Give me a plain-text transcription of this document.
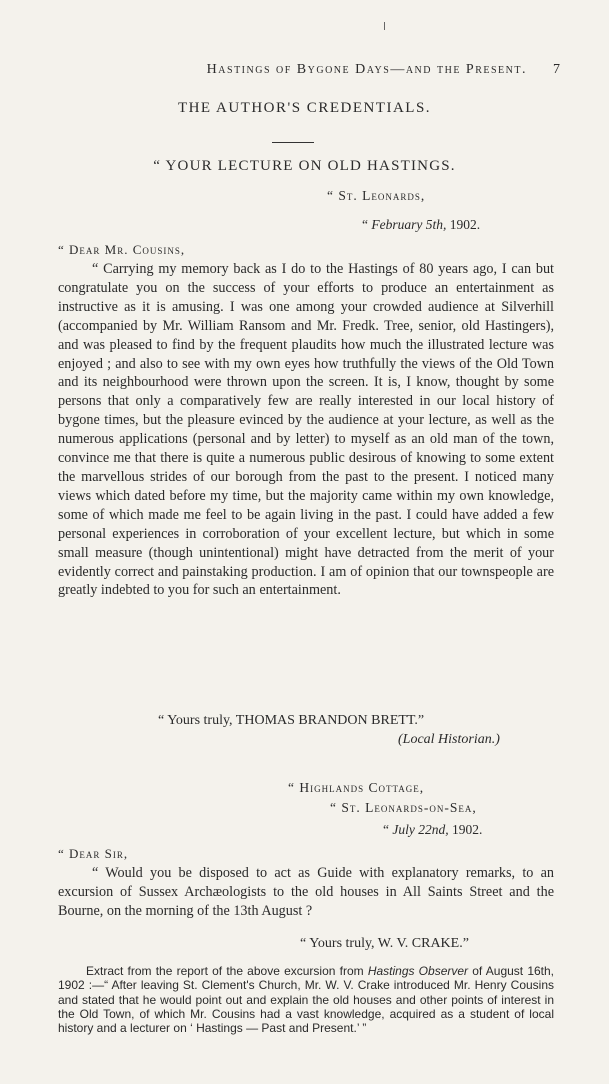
Hastings of Bygone Days—and the Present. 7
THE AUTHOR'S CREDENTIALS.
“ YOUR LECTURE ON OLD HASTINGS.
“ St. Leonards,
“ February 5th, 1902.
“ Dear Mr. Cousins,

“ Carrying my memory back as I do to the Hastings of 80 years ago, I can but congratulate you on the success of your efforts to produce an entertainment as instructive as it is amusing. I was one among your crowded audience at Silverhill (accompanied by Mr. William Ransom and Mr. Fredk. Tree, senior, old Hastingers), and was pleased to find by the frequent plaudits how much the illustrated lecture was enjoyed ; and also to see with my own eyes how truthfully the views of the Old Town and its neighbourhood were thrown upon the screen. It is, I know, thought by some persons that only a comparatively few are really interested in our local history of bygone times, but the pleasure evinced by the audience at your lecture, as well as the numerous applications (personal and by letter) to myself as an old man of the town, convince me that there is quite a numerous public desirous of knowing to some extent the marvellous strides of our borough from the past to the present. I noticed many views which dated before my time, but the majority came within my own knowledge, some of which made me feel to be again living in the past. I could have added a few personal experiences in corroboration of your excellent lecture, but which in some small measure (though unintentional) might have detracted from the merit of your evidently correct and painstaking production. I am of opinion that our townspeople are greatly indebted to you for such an entertainment.

“ Yours truly, THOMAS BRANDON BRETT.”
(Local Historian.)
“ Highlands Cottage,
“ St. Leonards-on-Sea,
“ July 22nd, 1902.
“ Dear Sir,

“ Would you be disposed to act as Guide with explanatory remarks, to an excursion of Sussex Archæologists to the old houses in All Saints Street and the Bourne, on the morning of the 13th August ?

“ Yours truly, W. V. CRAKE.”

Extract from the report of the above excursion from Hastings Observer of August 16th, 1902 :—“ After leaving St. Clement's Church, Mr. W. V. Crake introduced Mr. Henry Cousins and stated that he would point out and explain the old houses and other points of interest in the Old Town, of which Mr. Cousins had a vast knowledge, acquired as a student of local history and a lecturer on ‘ Hastings — Past and Present.’ ”
